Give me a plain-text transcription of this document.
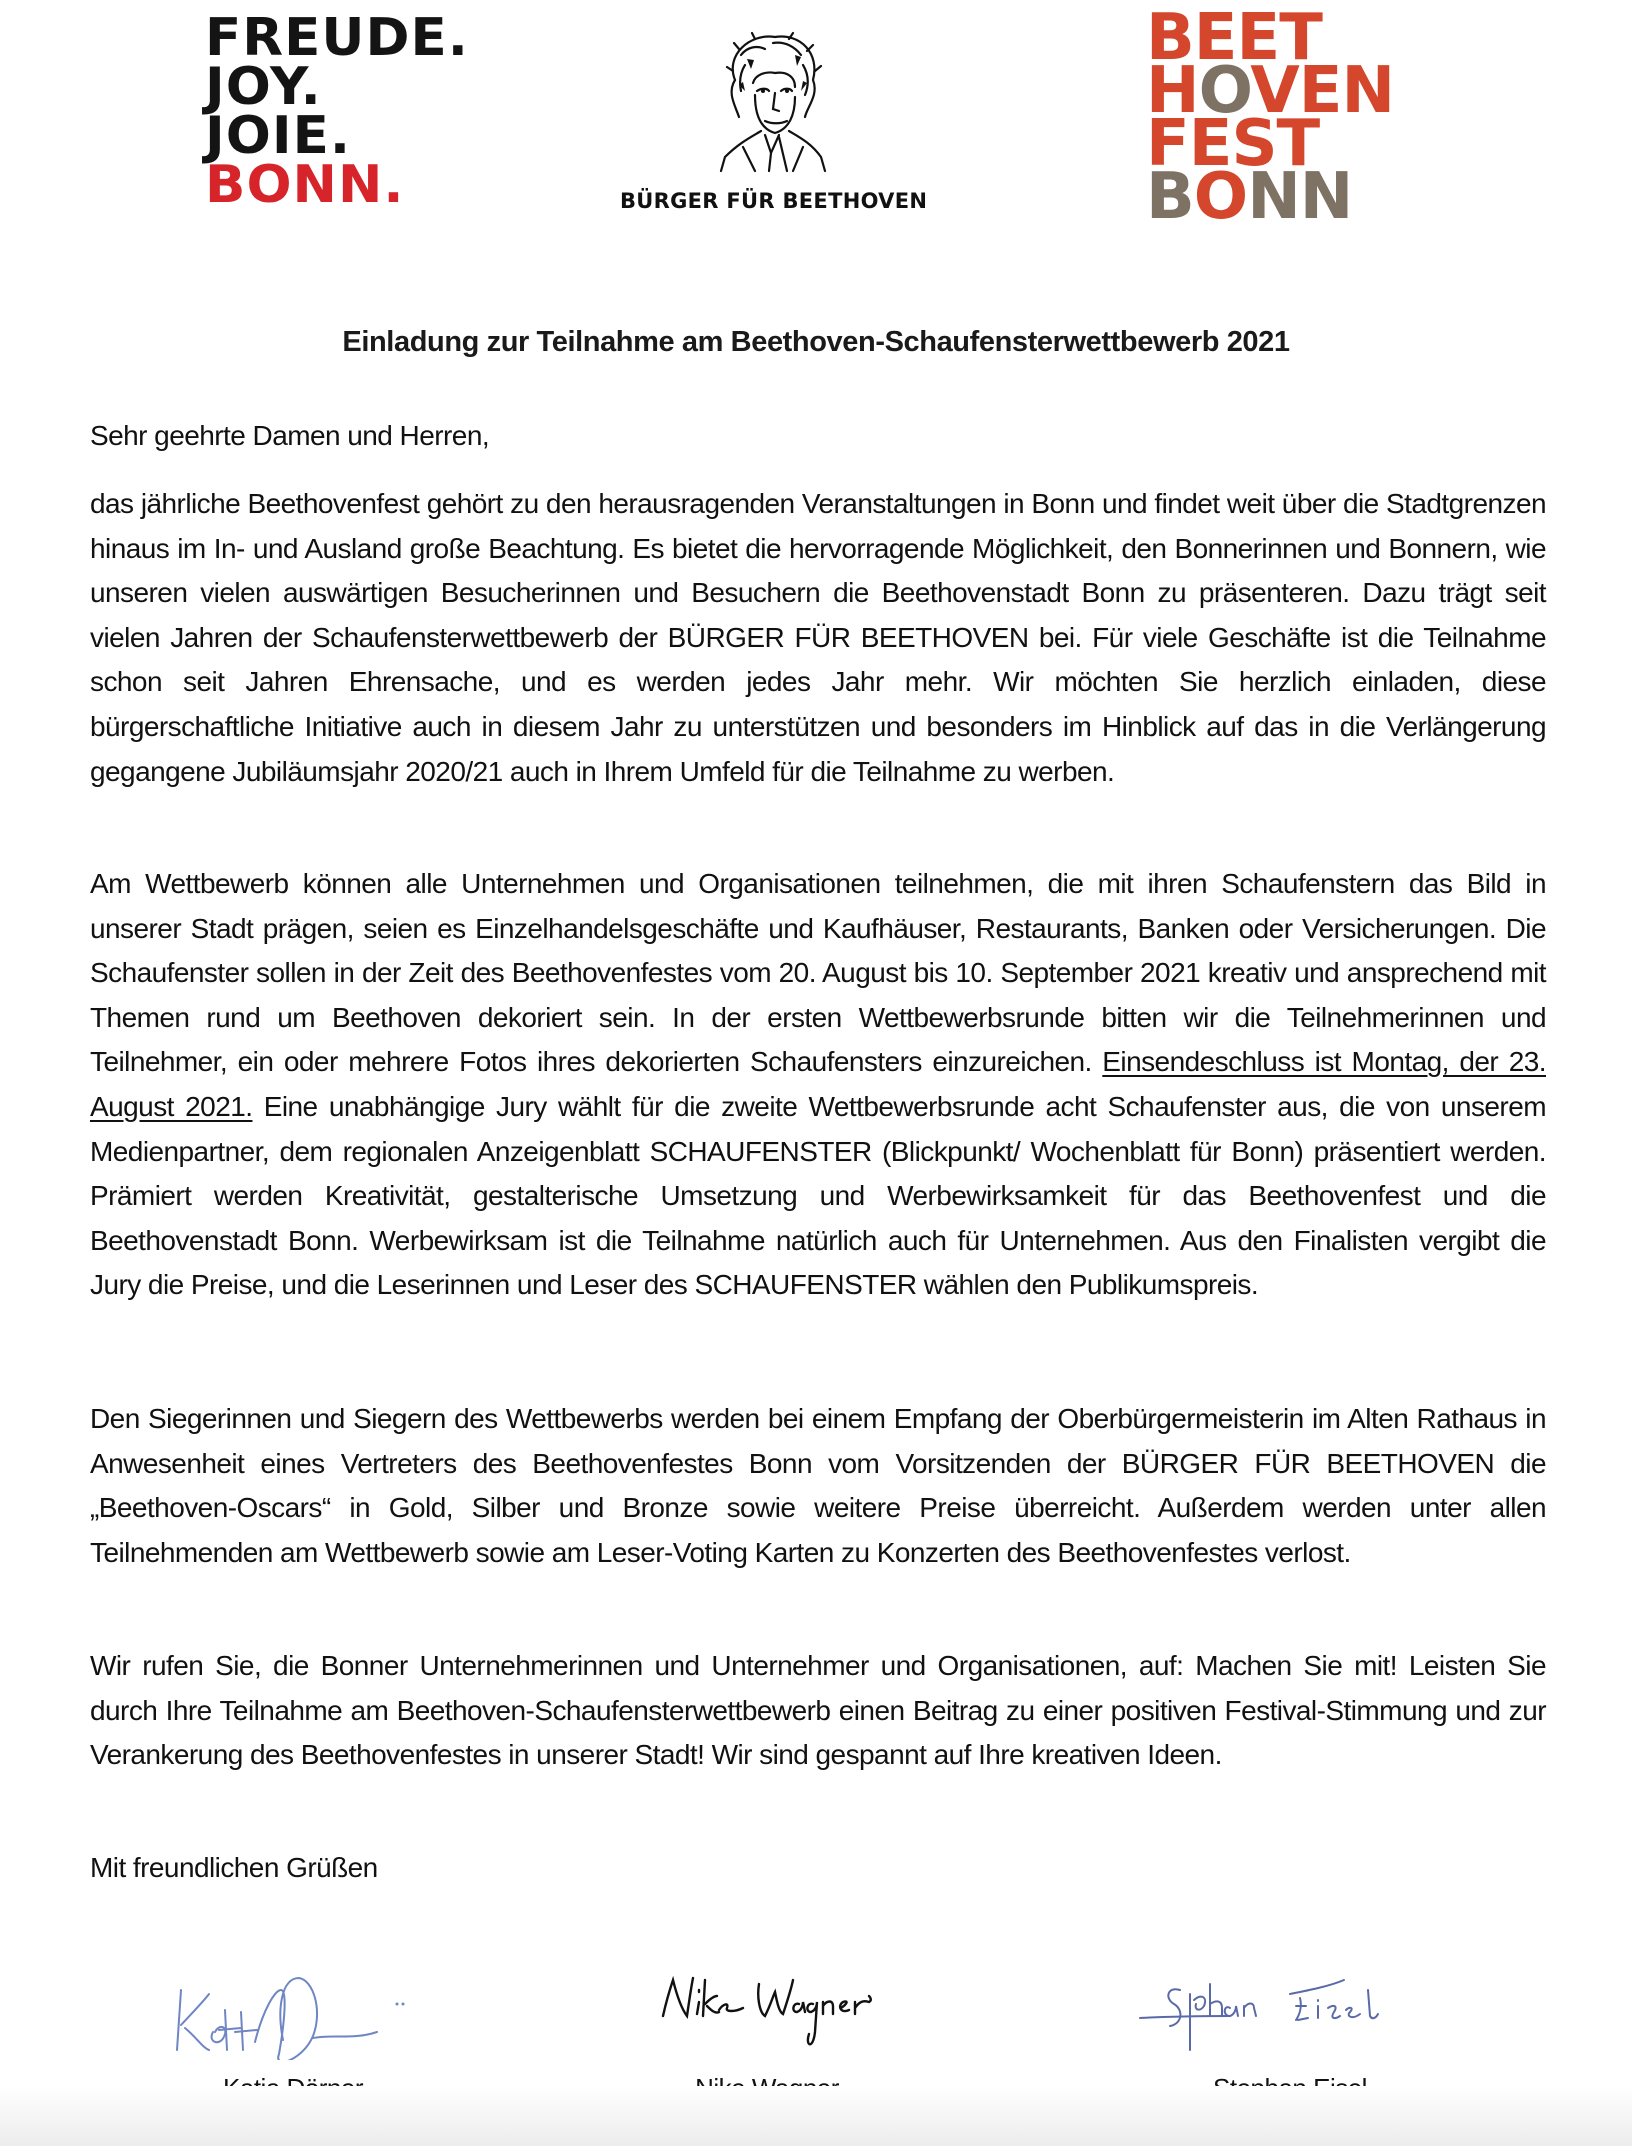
FREUDE.
JOY.
JOIE.
BONN.	BÜRGER FÜR BEETHOVEN
BEET
HOVEN
FEST
BONN
Einladung zur Teilnahme am Beethoven-Schaufensterwettbewerb 2021

Sehr geehrte Damen und Herren,

das jährliche Beethovenfest gehört zu den herausragenden Veranstaltungen in Bonn und findet weit über die Stadtgrenzen hinaus im In- und Ausland große Beachtung. Es bietet die hervorragende Möglichkeit, den Bonnerinnen und Bonnern, wie unseren vielen auswärtigen Besucherinnen und Besuchern die Beethovenstadt Bonn zu präsenteren. Dazu trägt seit vielen Jahren der Schaufensterwettbewerb der BÜRGER FÜR BEETHOVEN bei. Für viele Geschäfte ist die Teilnahme schon seit Jahren Ehrensache, und es werden jedes Jahr mehr. Wir möchten Sie herzlich einladen, diese bürgerschaftliche Initiative auch in diesem Jahr zu unterstützen und besonders im Hinblick auf das in die Verlängerung gegangene Jubiläumsjahr 2020/21 auch in Ihrem Umfeld für die Teilnahme zu werben.

Am Wettbewerb können alle Unternehmen und Organisationen teilnehmen, die mit ihren Schaufenstern das Bild in unserer Stadt prägen, seien es Einzelhandelsgeschäfte und Kaufhäuser, Restaurants, Banken oder Versicherungen. Die Schaufenster sollen in der Zeit des Beethovenfestes vom 20. August bis 10. September 2021 kreativ und ansprechend mit Themen rund um Beethoven dekoriert sein. In der ersten Wettbewerbsrunde bitten wir die Teilnehmerinnen und Teilnehmer, ein oder mehrere Fotos ihres dekorierten Schaufensters einzureichen. Einsendeschluss ist Montag, der 23. August 2021. Eine unabhängige Jury wählt für die zweite Wettbewerbsrunde acht Schaufenster aus, die von unserem Medienpartner, dem regionalen Anzeigenblatt SCHAUFENSTER (Blickpunkt/ Wochenblatt für Bonn) präsentiert werden. Prämiert werden Kreativität, gestalterische Umsetzung und Werbewirksamkeit für das Beethovenfest und die Beethovenstadt Bonn. Werbewirksam ist die Teilnahme natürlich auch für Unternehmen. Aus den Finalisten vergibt die Jury die Preise, und die Leserinnen und Leser des SCHAUFENSTER wählen den Publikumspreis.

Den Siegerinnen und Siegern des Wettbewerbs werden bei einem Empfang der Oberbürgermeisterin im Alten Rathaus in Anwesenheit eines Vertreters des Beethovenfestes Bonn vom Vorsitzenden der BÜRGER FÜR BEETHOVEN die „Beethoven-Oscars“ in Gold, Silber und Bronze sowie weitere Preise überreicht. Außerdem werden unter allen Teilnehmenden am Wettbewerb sowie am Leser-Voting Karten zu Konzerten des Beethovenfestes verlost.

Wir rufen Sie, die Bonner Unternehmerinnen und Unternehmer und Organisationen, auf: Machen Sie mit! Leisten Sie durch Ihre Teilnahme am Beethoven-Schaufensterwettbewerb einen Beitrag zu einer positiven Festival-Stimmung und zur Verankerung des Beethovenfestes in unserer Stadt! Wir sind gespannt auf Ihre kreativen Ideen.

Mit freundlichen Grüßen
